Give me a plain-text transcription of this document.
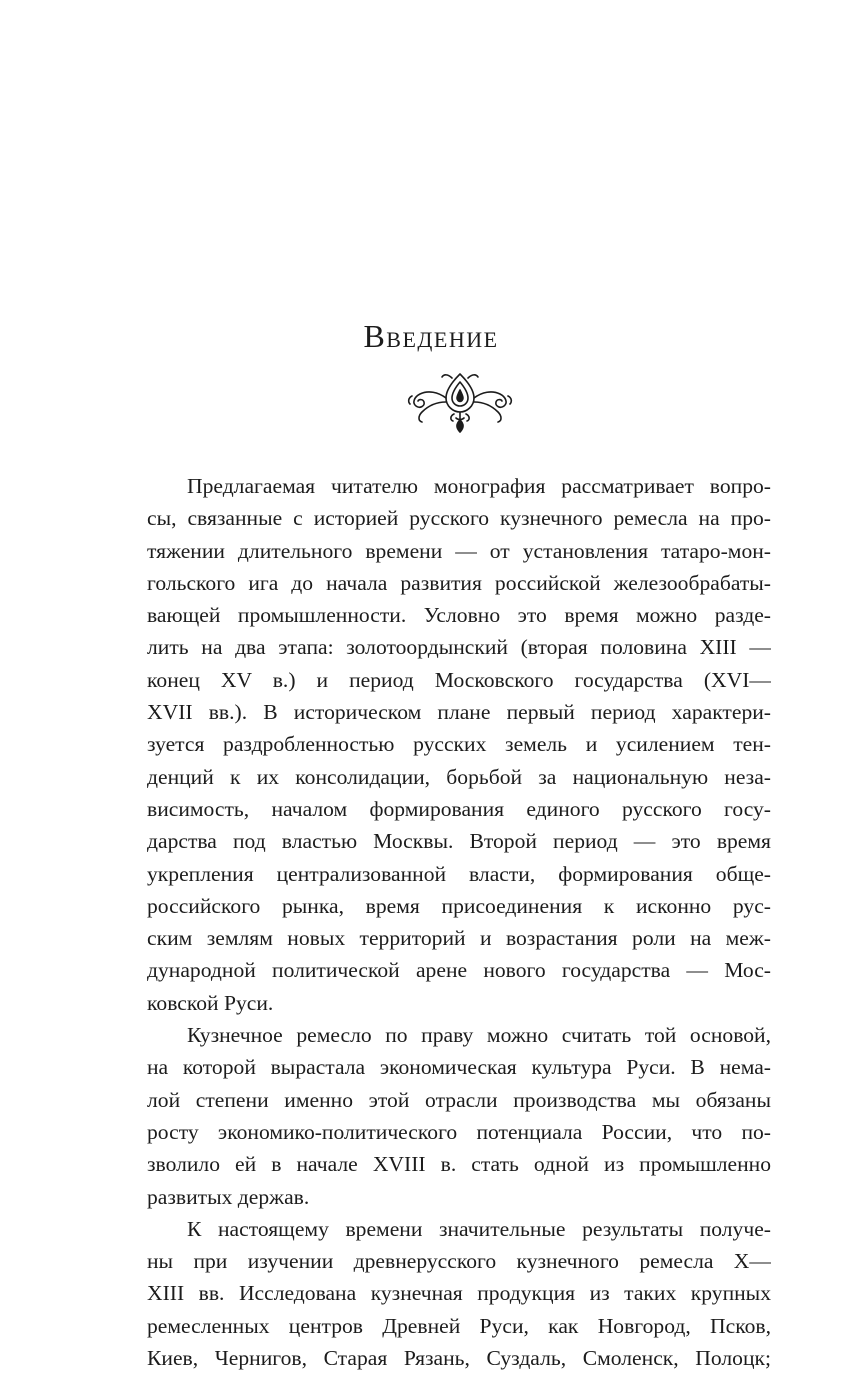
Введение
Предлагаемая читателю монография рассматривает вопро-
сы, связанные с историей русского кузнечного ремесла на про-
тяжении длительного времени — от установления татаро-мон-
гольского ига до начала развития российской железообрабаты-
вающей промышленности. Условно это время можно разде-
лить на два этапа: золотоордынский (вторая половина XIII —
конец XV в.) и период Московского государства (XVI—
XVII вв.). В историческом плане первый период характери-
зуется раздробленностью русских земель и усилением тен-
денций к их консолидации, борьбой за национальную неза-
висимость, началом формирования единого русского госу-
дарства под властью Москвы. Второй период — это время
укрепления централизованной власти, формирования обще-
российского рынка, время присоединения к исконно рус-
ским землям новых территорий и возрастания роли на меж-
дународной политической арене нового государства — Мос-
ковской Руси.
Кузнечное ремесло по праву можно считать той основой,
на которой вырастала экономическая культура Руси. В нема-
лой степени именно этой отрасли производства мы обязаны
росту экономико-политического потенциала России, что по-
зволило ей в начале XVIII в. стать одной из промышленно
развитых держав.
К настоящему времени значительные результаты получе-
ны при изучении древнерусского кузнечного ремесла X—
XIII вв. Исследована кузнечная продукция из таких крупных
ремесленных центров Древней Руси, как Новгород, Псков,
Киев, Чернигов, Старая Рязань, Суздаль, Смоленск, Полоцк;
